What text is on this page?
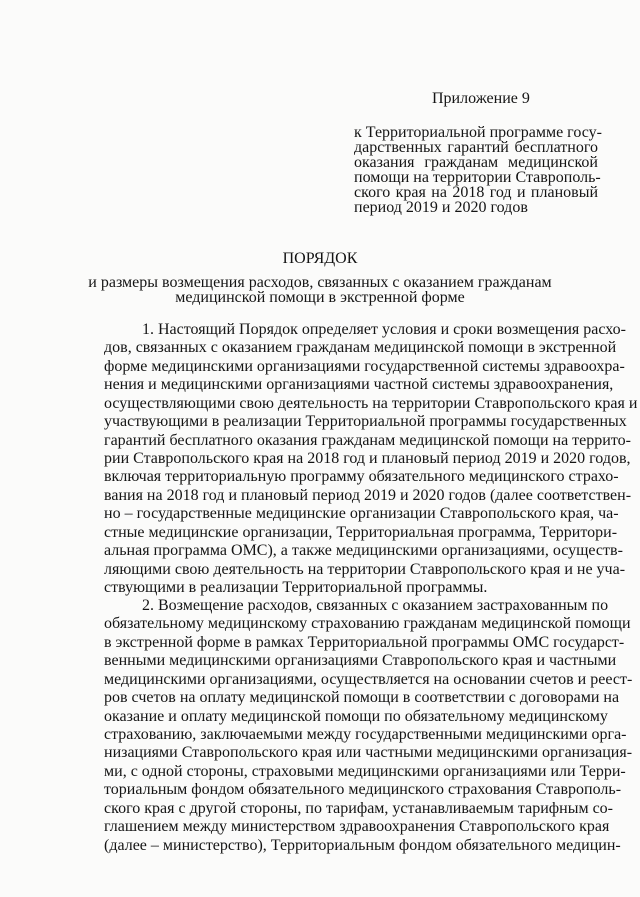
Приложение 9
к Территориальной программе госу-
дарственных гарантий бесплатного
оказания гражданам медицинской
помощи на территории Ставрополь-
ского края на 2018 год и плановый
период 2019 и 2020 годов
ПОРЯДОК
и размеры возмещения расходов, связанных с оказанием гражданам
медицинской помощи в экстренной форме
1. Настоящий Порядок определяет условия и сроки возмещения расхо-
дов, связанных с оказанием гражданам медицинской помощи в экстренной
форме медицинскими организациями государственной системы здравоохра-
нения и медицинскими организациями частной системы здравоохранения,
осуществляющими свою деятельность на территории Ставропольского края и
участвующими в реализации Территориальной программы государственных
гарантий бесплатного оказания гражданам медицинской помощи на террито-
рии Ставропольского края на 2018 год и плановый период 2019 и 2020 годов,
включая территориальную программу обязательного медицинского страхо-
вания на 2018 год и плановый период 2019 и 2020 годов (далее соответствен-
но – государственные медицинские организации Ставропольского края, ча-
стные медицинские организации, Территориальная программа, Территори-
альная программа ОМС), а также медицинскими организациями, осуществ-
ляющими свою деятельность на территории Ставропольского края и не уча-
ствующими в реализации Территориальной программы.
2. Возмещение расходов, связанных с оказанием застрахованным по
обязательному медицинскому страхованию гражданам медицинской помощи
в экстренной форме в рамках Территориальной программы ОМС государст-
венными медицинскими организациями Ставропольского края и частными
медицинскими организациями, осуществляется на основании счетов и реест-
ров счетов на оплату медицинской помощи в соответствии с договорами на
оказание и оплату медицинской помощи по обязательному медицинскому
страхованию, заключаемыми между государственными медицинскими орга-
низациями Ставропольского края или частными медицинскими организация-
ми, с одной стороны, страховыми медицинскими организациями или Терри-
ториальным фондом обязательного медицинского страхования Ставрополь-
ского края с другой стороны, по тарифам, устанавливаемым тарифным со-
глашением между министерством здравоохранения Ставропольского края
(далее – министерство), Территориальным фондом обязательного медицин-
